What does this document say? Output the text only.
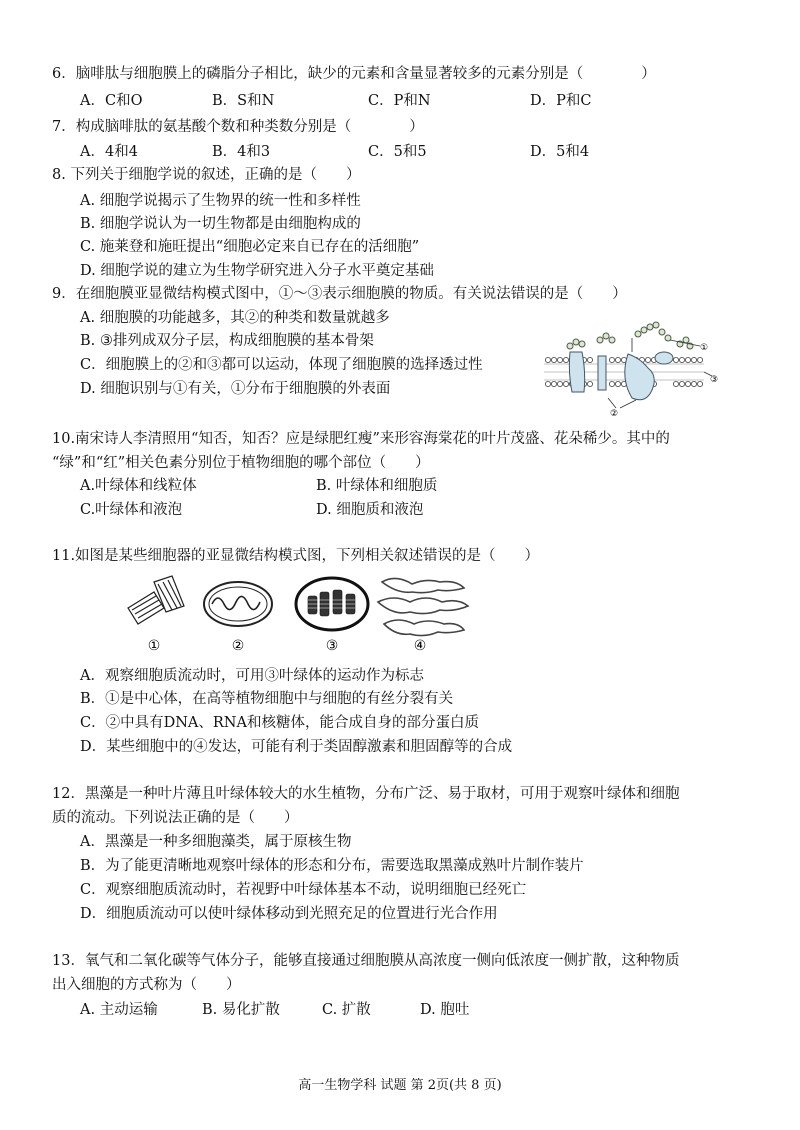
6．脑啡肽与细胞膜上的磷脂分子相比，缺少的元素和含量显著较多的元素分别是（　　　　）
A．C和O	B．S和N	C．P和N	D．P和C
7．构成脑啡肽的氨基酸个数和种类数分别是（　　　　）
A．4和4	B．4和3	C．5和5	D．5和4
8. 下列关于细胞学说的叙述，正确的是（　　）
A. 细胞学说揭示了生物界的统一性和多样性
B. 细胞学说认为一切生物都是由细胞构成的
C. 施莱登和施旺提出“细胞必定来自已存在的活细胞”
D. 细胞学说的建立为生物学研究进入分子水平奠定基础
9．在细胞膜亚显微结构模式图中，①～③表示细胞膜的物质。有关说法错误的是（　　）
A. 细胞膜的功能越多，其②的种类和数量就越多
B. ③排列成双分子层，构成细胞膜的基本骨架
C．细胞膜上的②和③都可以运动，体现了细胞膜的选择透过性
D. 细胞识别与①有关，①分布于细胞膜的外表面
①
③
②
10.南宋诗人李清照用“知否，知否？应是绿肥红瘦”来形容海棠花的叶片茂盛、花朵稀少。其中的
“绿”和“红”相关色素分别位于植物细胞的哪个部位（　　）
A.叶绿体和线粒体	B. 叶绿体和细胞质
C.叶绿体和液泡	D. 细胞质和液泡
11.如图是某些细胞器的亚显微结构模式图，下列相关叙述错误的是（　　）
①	②	③	④
A．观察细胞质流动时，可用③叶绿体的运动作为标志
B．①是中心体，在高等植物细胞中与细胞的有丝分裂有关
C．②中具有DNA、RNA和核糖体，能合成自身的部分蛋白质
D．某些细胞中的④发达，可能有利于类固醇激素和胆固醇等的合成
12．黑藻是一种叶片薄且叶绿体较大的水生植物，分布广泛、易于取材，可用于观察叶绿体和细胞
质的流动。下列说法正确的是（　　）
A．黑藻是一种多细胞藻类，属于原核生物
B．为了能更清晰地观察叶绿体的形态和分布，需要选取黑藻成熟叶片制作装片
C．观察细胞质流动时，若视野中叶绿体基本不动，说明细胞已经死亡
D．细胞质流动可以使叶绿体移动到光照充足的位置进行光合作用
13．氧气和二氧化碳等气体分子，能够直接通过细胞膜从高浓度一侧向低浓度一侧扩散，这种物质
出入细胞的方式称为（　　）
A. 主动运输	B. 易化扩散	C. 扩散	D. 胞吐
高一生物学科 试题 第 2页(共 8 页)
